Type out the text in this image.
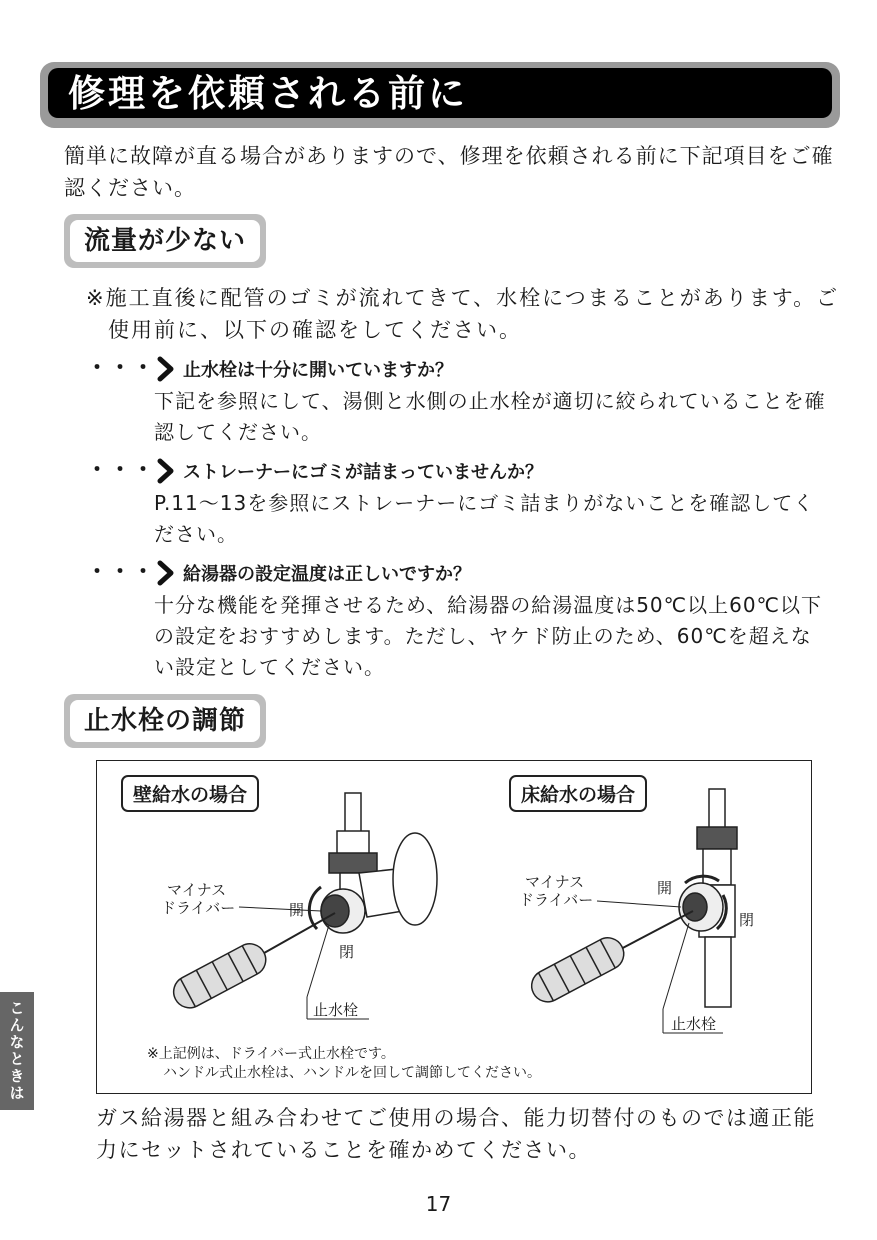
修理を依頼される前に
簡単に故障が直る場合がありますので、修理を依頼される前に下記項目をご確認ください。
流量が少ない
※施工直後に配管のゴミが流れてきて、水栓につまることがあります。ご使用前に、以下の確認をしてください。
・・・ 止水栓は十分に開いていますか？
下記を参照にして、湯側と水側の止水栓が適切に絞られていることを確認してください。
・・・ ストレーナーにゴミが詰まっていませんか？
P.11～13を参照にストレーナーにゴミ詰まりがないことを確認してください。
・・・ 給湯器の設定温度は正しいですか？
十分な機能を発揮させるため、給湯器の給湯温度は50℃以上60℃以下の設定をおすすめします。ただし、ヤケド防止のため、60℃を超えない設定としてください。
止水栓の調節
壁給水の場合	床給水の場合
マイナス
ドライバー	開
閉
止水栓
マイナス
ドライバー
開
閉
止水栓
※上記例は、ドライバー式止水栓です。
ハンドル式止水栓は、ハンドルを回して調節してください。
ガス給湯器と組み合わせてご使用の場合、能力切替付のものでは適正能力にセットされていることを確かめてください。
こんなときは
17
